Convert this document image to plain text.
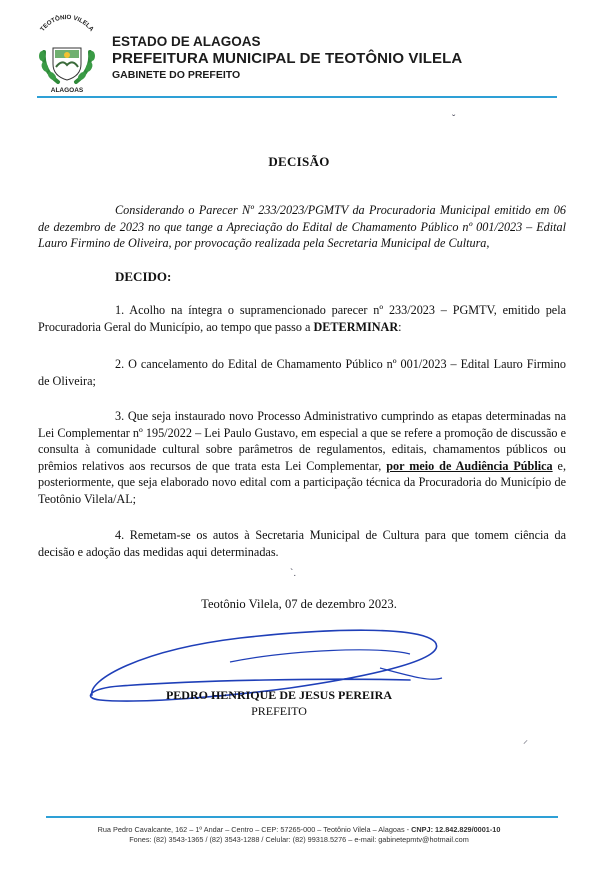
TEOTÔNIO VILELA
ALAGOAS
ESTADO DE ALAGOAS
PREFEITURA MUNICIPAL DE TEOTÔNIO VILELA
GABINETE DO PREFEITO
ˇ
DECISÃO
Considerando o Parecer Nº 233/2023/PGMTV da Procuradoria Municipal emitido em 06 de dezembro de 2023 no que tange a Apreciação do Edital de Chamamento Público nº 001/2023 – Edital Lauro Firmino de Oliveira, por provocação realizada pela Secretaria Municipal de Cultura,
DECIDO:
1. Acolho na íntegra o supramencionado parecer nº 233/2023 – PGMTV, emitido pela Procuradoria Geral do Município, ao tempo que passo a DETERMINAR:
2. O cancelamento do Edital de Chamamento Público nº 001/2023 – Edital Lauro Firmino de Oliveira;
3. Que seja instaurado novo Processo Administrativo cumprindo as etapas determinadas na Lei Complementar nº 195/2022 – Lei Paulo Gustavo, em especial a que se refere a promoção de discussão e consulta à comunidade cultural sobre parâmetros de regulamentos, editais, chamamentos públicos ou prêmios relativos aos recursos de que trata esta Lei Complementar, por meio de Audiência Pública e, posteriormente, que seja elaborado novo edital com a participação técnica da Procuradoria do Município de Teotônio Vilela/AL;
4. Remetam-se os autos à Secretaria Municipal de Cultura para que tomem ciência da decisão e adoção das medidas aqui determinadas.
`.
Teotônio Vilela, 07 de dezembro 2023.
PEDRO HENRIQUE DE JESUS PEREIRA
PREFEITO
⸝
Rua Pedro Cavalcante, 162 – 1º Andar – Centro – CEP: 57265-000 – Teotônio Vilela – Alagoas - CNPJ: 12.842.829/0001-10
Fones: (82) 3543-1365 / (82) 3543-1288 / Celular: (82) 99318.5276 – e-mail: gabinetepmtv@hotmail.com
